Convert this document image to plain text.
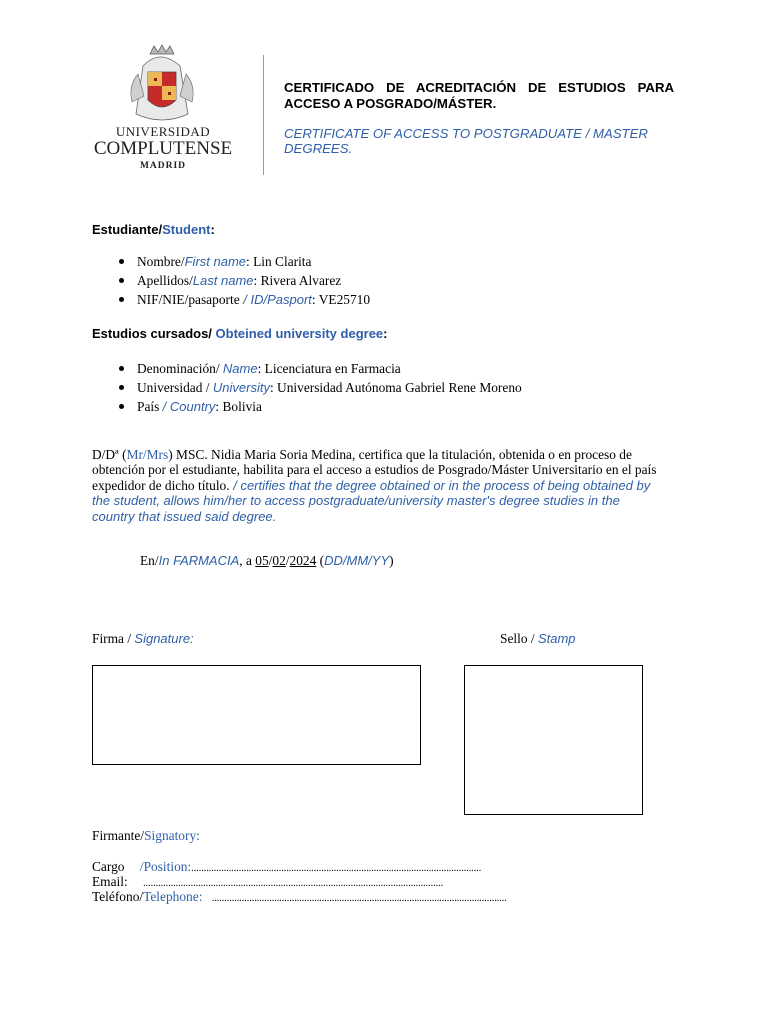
UNIVERSIDAD
COMPLUTENSE
MADRID
CERTIFICADO DE ACREDITACIÓN DE ESTUDIOS PARA ACCESO A POSGRADO/MÁSTER.
CERTIFICATE OF ACCESS TO POSTGRADUATE / MASTER DEGREES.
Estudiante/Student:
Nombre/First name: Lin Clarita
Apellidos/Last name: Rivera Alvarez
NIF/NIE/pasaporte / ID/Pasport: VE25710
Estudios cursados/ Obteined university degree:
Denominación/ Name: Licenciatura en Farmacia
Universidad / University: Universidad Autónoma Gabriel Rene Moreno
País / Country: Bolivia
D/Dª (Mr/Mrs) MSC. Nidia Maria Soria Medina, certifica que la titulación, obtenida o en proceso de obtención por el estudiante, habilita para el acceso a estudios de Posgrado/Máster Universitario en el país expedidor de dicho título. / certifies that the degree obtained or in the process of being obtained by the student, allows him/her to access postgraduate/university master's degree studies in the country that issued said degree.
En/In FARMACIA, a 05/02/2024 (DD/MM/YY)
Firma / Signature:	Sello / Stamp
Firmante/Signatory:
Cargo /Position:....................................................................................................................
Email: ........................................................................................................................
Teléfono/Telephone: ......................................................................................................................
